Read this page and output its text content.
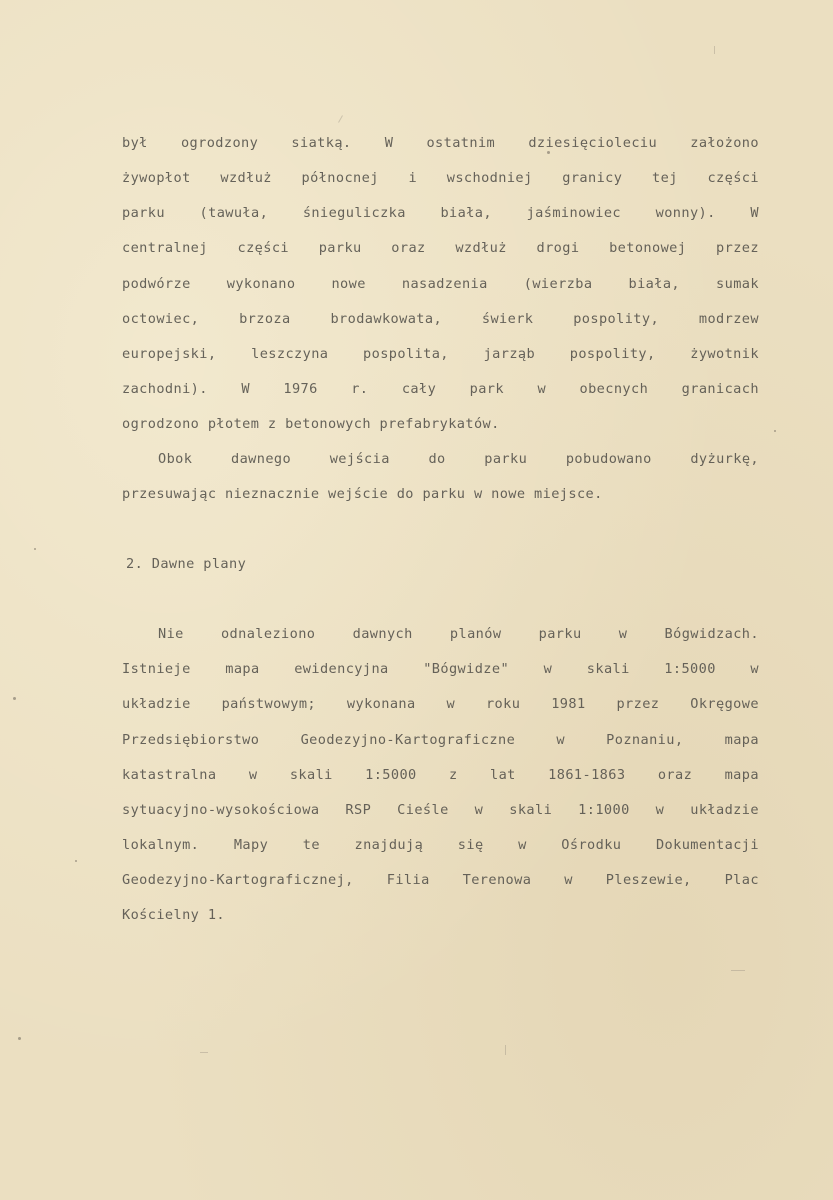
był ogrodzony siatką. W ostatnim dziesięcioleciu założono
żywopłot wzdłuż północnej i wschodniej granicy tej części
parku	(tawuła,	śnieguliczka	biała,	jaśminowiec	wonny).	W
centralnej części parku oraz wzdłuż drogi betonowej przez
podwórze	wykonano	nowe	nasadzenia	(wierzba	biała,	sumak
octowiec,	brzoza	brodawkowata,	świerk	pospolity,	modrzew
europejski,	leszczyna	pospolita,	jarząb	pospolity,	żywotnik
zachodni). W 1976 r. cały park w obecnych granicach
ogrodzono płotem z betonowych prefabrykatów.
Obok	dawnego	wejścia	do	parku	pobudowano	dyżurkę,
przesuwając nieznacznie wejście do parku w nowe miejsce.
2. Dawne plany
Nie	odnaleziono	dawnych	planów	parku	w	Bógwidzach.
Istnieje	mapa	ewidencyjna	"Bógwidze"	w	skali	1:5000	w
układzie państwowym; wykonana w roku 1981 przez Okręgowe
Przedsiębiorstwo	Geodezyjno-Kartograficzne	w	Poznaniu,	mapa
katastralna w skali 1:5000 z lat 1861-1863 oraz mapa
sytuacyjno-wysokościowa RSP Cieśle w skali 1:1000 w układzie
lokalnym.	Mapy	te	znajdują	się	w	Ośrodku	Dokumentacji
Geodezyjno-Kartograficznej, Filia Terenowa w Pleszewie, Plac
Kościelny 1.
